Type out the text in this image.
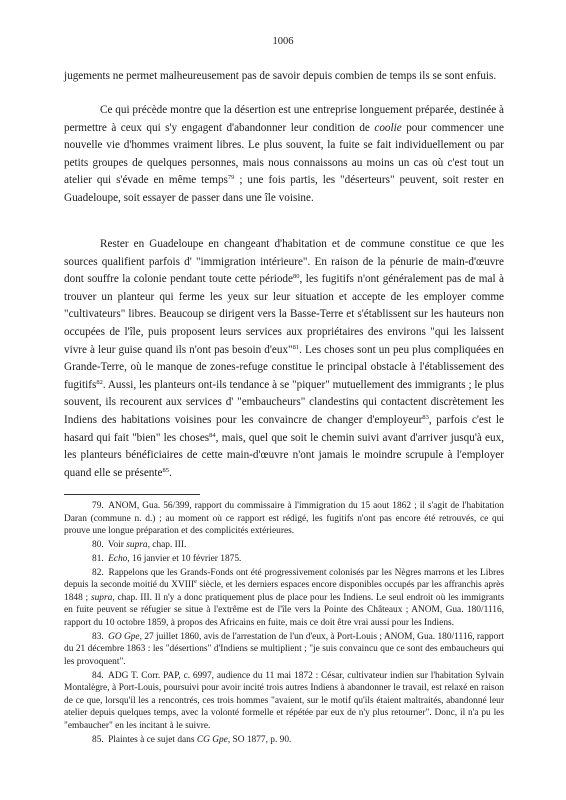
1006

jugements ne permet malheureusement pas de savoir depuis combien de temps ils se sont enfuis.

Ce qui précède montre que la désertion est une entreprise longuement préparée, destinée à permettre à ceux qui s'y engagent d'abandonner leur condition de coolie pour commencer une nouvelle vie d'hommes vraiment libres. Le plus souvent, la fuite se fait individuellement ou par petits groupes de quelques personnes, mais nous connaissons au moins un cas où c'est tout un atelier qui s'évade en même temps$^{79}$ ; une fois partis, les "déserteurs" peuvent, soit rester en Guadeloupe, soit essayer de passer dans une île voisine.

Rester en Guadeloupe en changeant d'habitation et de commune constitue ce que les sources qualifient parfois d' "immigration intérieure". En raison de la pénurie de main-d'œuvre dont souffre la colonie pendant toute cette période$^{80}$, les fugitifs n'ont généralement pas de mal à trouver un planteur qui ferme les yeux sur leur situation et accepte de les employer comme "cultivateurs" libres. Beaucoup se dirigent vers la Basse-Terre et s'établissent sur les hauteurs non occupées de l'île, puis proposent leurs services aux propriétaires des environs "qui les laissent vivre à leur guise quand ils n'ont pas besoin d'eux"$^{81}$. Les choses sont un peu plus compliquées en Grande-Terre, où le manque de zones-refuge constitue le principal obstacle à l'établissement des fugitifs$^{82}$. Aussi, les planteurs ont-ils tendance à se "piquer" mutuellement des immigrants ; le plus souvent, ils recourent aux services d' "embaucheurs" clandestins qui contactent discrètement les Indiens des habitations voisines pour les convaincre de changer d'employeur$^{83}$, parfois c'est le hasard qui fait "bien" les choses$^{84}$, mais, quel que soit le chemin suivi avant d'arriver jusqu'à eux, les planteurs bénéficiaires de cette main-d'œuvre n'ont jamais le moindre scrupule à l'employer quand elle se présente$^{85}$.

79. ANOM, Gua. 56/399, rapport du commissaire à l'immigration du 15 aout 1862 ; il s'agit de l'habitation Daran (commune n. d.) ; au moment où ce rapport est rédigé, les fugitifs n'ont pas encore été retrouvés, ce qui prouve une longue préparation et des complicités extérieures.

80. Voir supra, chap. III.

81. Echo, 16 janvier et 10 février 1875.

82. Rappelons que les Grands-Fonds ont été progressivement colonisés par les Nègres marrons et les Libres depuis la seconde moitié du XVIIIe siècle, et les derniers espaces encore disponibles occupés par les affranchis après 1848 ; supra, chap. III. Il n'y a donc pratiquement plus de place pour les Indiens. Le seul endroit où les immigrants en fuite peuvent se réfugier se situe à l'extrême est de l'île vers la Pointe des Châteaux ; ANOM, Gua. 180/1116, rapport du 10 octobre 1859, à propos des Africains en fuite, mais ce doit être vrai aussi pour les Indiens.

83. GO Gpe, 27 juillet 1860, avis de l'arrestation de l'un d'eux, à Port-Louis ; ANOM, Gua. 180/1116, rapport du 21 décembre 1863 : les "désertions" d'Indiens se multiplient ; "je suis convaincu que ce sont des embaucheurs qui les provoquent".

84. ADG T. Corr. PAP, c. 6997, audience du 11 mai 1872 : César, cultivateur indien sur l'habitation Sylvain Montalègre, à Port-Louis, poursuivi pour avoir incité trois autres Indiens à abandonner le travail, est relaxé en raison de ce que, lorsqu'il les a rencontrés, ces trois hommes "avaient, sur le motif qu'ils étaient maltraités, abandonné leur atelier depuis quelques temps, avec la volonté formelle et répétée par eux de n'y plus retourner". Donc, il n'a pu les "embaucher" en les incitant à le suivre.

85. Plaintes à ce sujet dans CG Gpe, SO 1877, p. 90.
